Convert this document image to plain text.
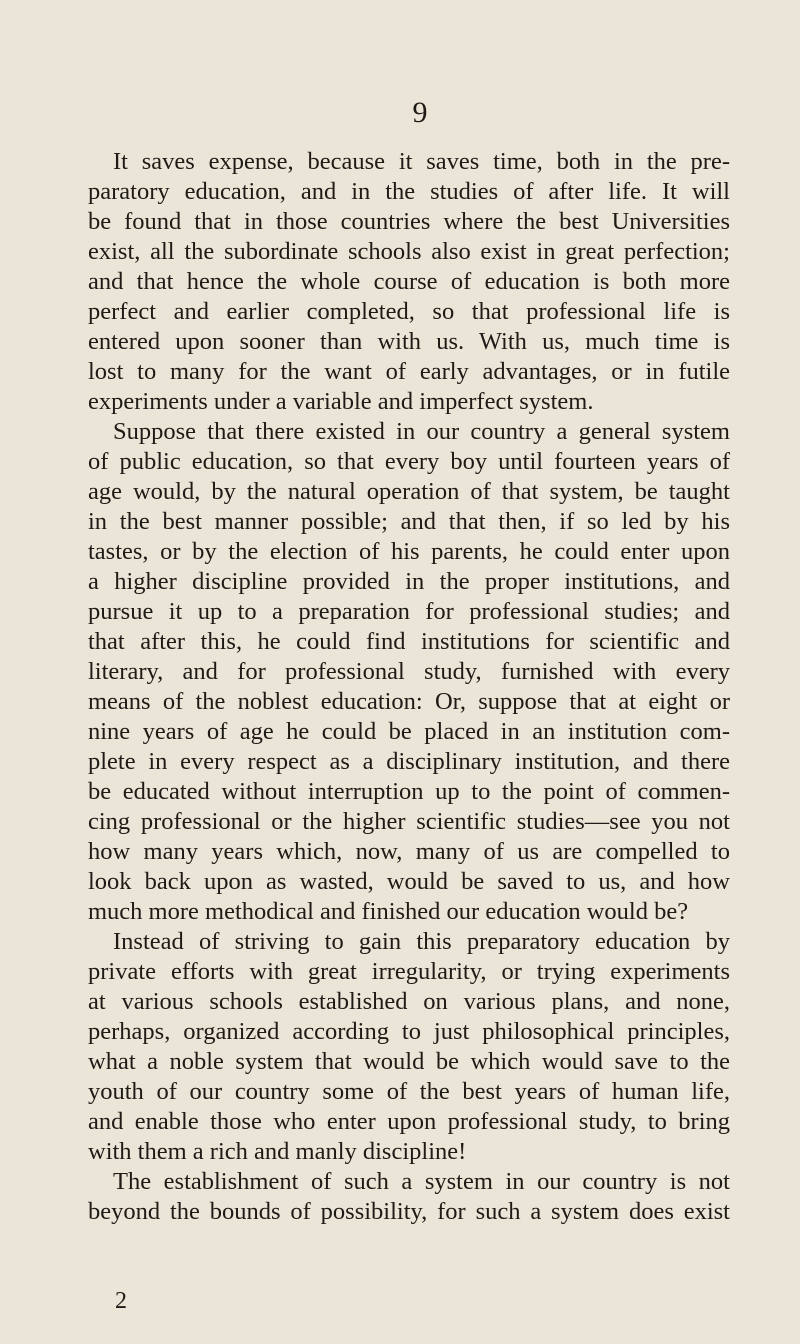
9
It saves expense, because it saves time, both in the pre-
paratory education, and in the studies of after life. It will
be found that in those countries where the best Universities
exist, all the subordinate schools also exist in great perfection;
and that hence the whole course of education is both more
perfect and earlier completed, so that professional life is
entered upon sooner than with us. With us, much time is
lost to many for the want of early advantages, or in futile
experiments under a variable and imperfect system.
Suppose that there existed in our country a general system
of public education, so that every boy until fourteen years of
age would, by the natural operation of that system, be taught
in the best manner possible; and that then, if so led by his
tastes, or by the election of his parents, he could enter upon
a higher discipline provided in the proper institutions, and
pursue it up to a preparation for professional studies; and
that after this, he could find institutions for scientific and
literary, and for professional study, furnished with every
means of the noblest education: Or, suppose that at eight or
nine years of age he could be placed in an institution com-
plete in every respect as a disciplinary institution, and there
be educated without interruption up to the point of commen-
cing professional or the higher scientific studies—see you not
how many years which, now, many of us are compelled to
look back upon as wasted, would be saved to us, and how
much more methodical and finished our education would be?
Instead of striving to gain this preparatory education by
private efforts with great irregularity, or trying experiments
at various schools established on various plans, and none,
perhaps, organized according to just philosophical principles,
what a noble system that would be which would save to the
youth of our country some of the best years of human life,
and enable those who enter upon professional study, to bring
with them a rich and manly discipline!
The establishment of such a system in our country is not
beyond the bounds of possibility, for such a system does exist
2
